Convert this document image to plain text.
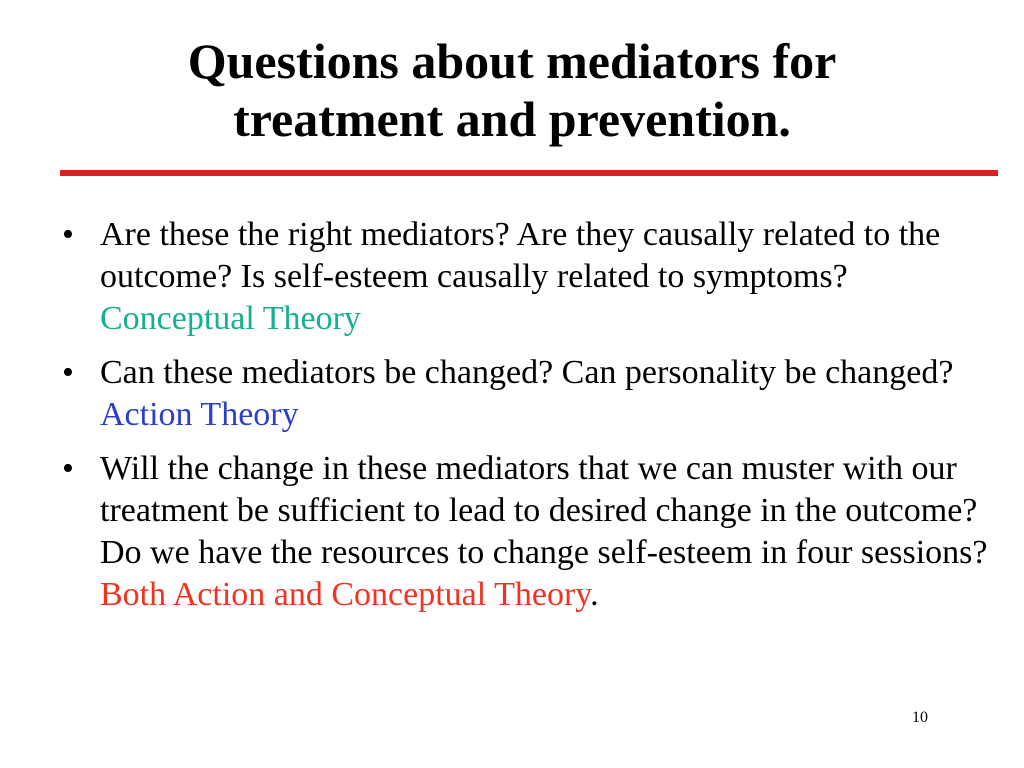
Questions about mediators for
treatment and prevention.
• Are these the right mediators? Are they causally related to the outcome? Is self-esteem causally related to symptoms? Conceptual Theory
• Can these mediators be changed? Can personality be changed? Action Theory
• Will the change in these mediators that we can muster with our treatment be sufficient to lead to desired change in the outcome? Do we have the resources to change self-esteem in four sessions? Both Action and Conceptual Theory.
10
